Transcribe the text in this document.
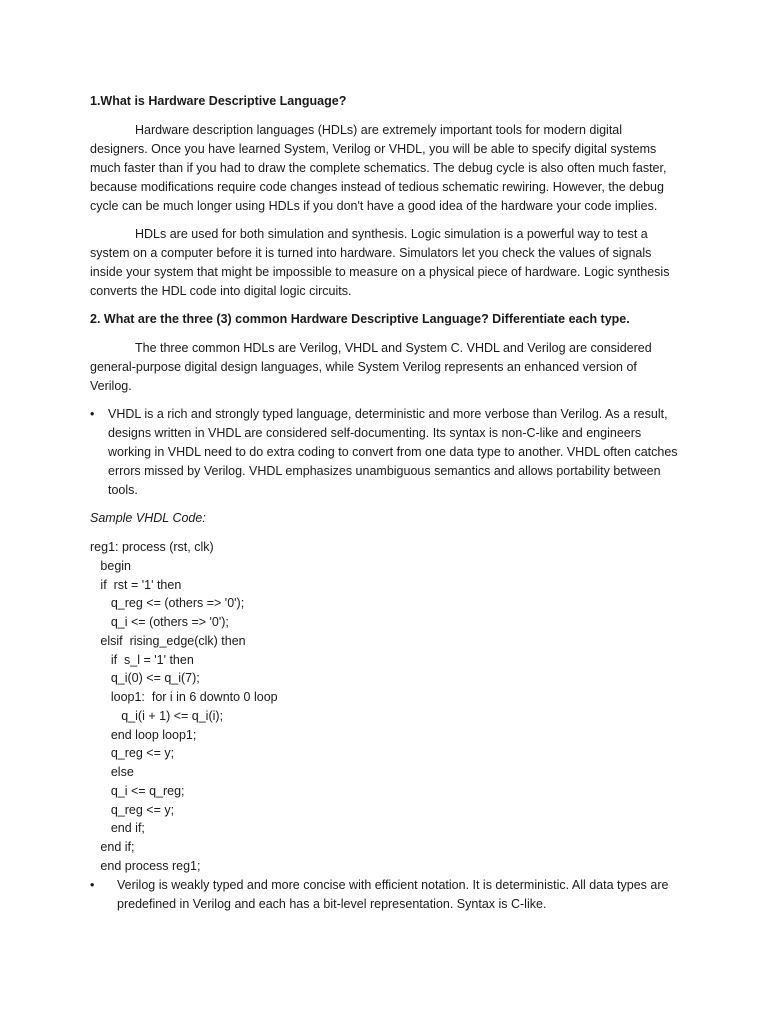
1.What is Hardware Descriptive Language?

Hardware description languages (HDLs) are extremely important tools for modern digital designers. Once you have learned System, Verilog or VHDL, you will be able to specify digital systems much faster than if you had to draw the complete schematics. The debug cycle is also often much faster, because modifications require code changes instead of tedious schematic rewiring. However, the debug cycle can be much longer using HDLs if you don't have a good idea of the hardware your code implies.

HDLs are used for both simulation and synthesis. Logic simulation is a powerful way to test a system on a computer before it is turned into hardware. Simulators let you check the values of signals inside your system that might be impossible to measure on a physical piece of hardware. Logic synthesis converts the HDL code into digital logic circuits.

2. What are the three (3) common Hardware Descriptive Language? Differentiate each type.

The three common HDLs are Verilog, VHDL and System C. VHDL and Verilog are considered general-purpose digital design languages, while System Verilog represents an enhanced version of Verilog.

• VHDL is a rich and strongly typed language, deterministic and more verbose than Verilog. As a result, designs written in VHDL are considered self-documenting. Its syntax is non-C-like and engineers working in VHDL need to do extra coding to convert from one data type to another. VHDL often catches errors missed by Verilog. VHDL emphasizes unambiguous semantics and allows portability between tools.

Sample VHDL Code:

reg1: process (rst, clk)
begin
if  rst = '1' then
q_reg <= (others => '0');
q_i <= (others => '0');
elsif  rising_edge(clk) then
if  s_l = '1' then
q_i(0) <= q_i(7);
loop1:  for i in 6 downto 0 loop
q_i(i + 1) <= q_i(i);
end loop loop1;
q_reg <= y;
else
q_i <= q_reg;
q_reg <= y;
end if;
end if;
end process reg1;
• Verilog is weakly typed and more concise with efficient notation. It is deterministic. All data types are predefined in Verilog and each has a bit-level representation. Syntax is C-like.
